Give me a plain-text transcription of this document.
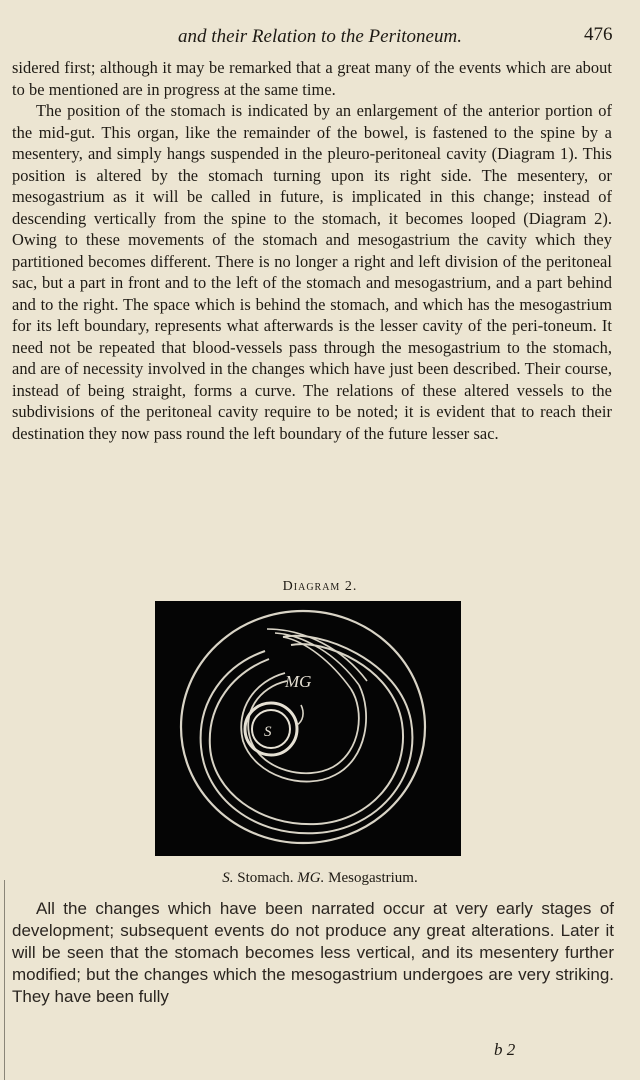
and their Relation to the Peritoneum.	476

sidered first; although it may be remarked that a great many of the events which are about to be mentioned are in progress at the same time.

The position of the stomach is indicated by an enlargement of the anterior portion of the mid-gut. This organ, like the remainder of the bowel, is fastened to the spine by a mesentery, and simply hangs suspended in the pleuro-peritoneal cavity (Diagram 1). This position is altered by the stomach turning upon its right side. The mesentery, or mesogastrium as it will be called in future, is implicated in this change; instead of descending vertically from the spine to the stomach, it becomes looped (Diagram 2). Owing to these movements of the stomach and mesogastrium the cavity which they partitioned becomes different. There is no longer a right and left division of the peritoneal sac, but a part in front and to the left of the stomach and mesogastrium, and a part behind and to the right. The space which is behind the stomach, and which has the mesogastrium for its left boundary, represents what afterwards is the lesser cavity of the peri-toneum. It need not be repeated that blood-vessels pass through the mesogastrium to the stomach, and are of necessity involved in the changes which have just been described. Their course, instead of being straight, forms a curve. The relations of these altered vessels to the subdivisions of the peritoneal cavity require to be noted; it is evident that to reach their destination they now pass round the left boundary of the future lesser sac.

Diagram 2.
MG
S
S. Stomach. MG. Mesogastrium.

All the changes which have been narrated occur at very early stages of development; subsequent events do not produce any great alterations. Later it will be seen that the stomach becomes less vertical, and its mesentery further modified; but the changes which the mesogastrium undergoes are very striking. They have been fully

b 2
